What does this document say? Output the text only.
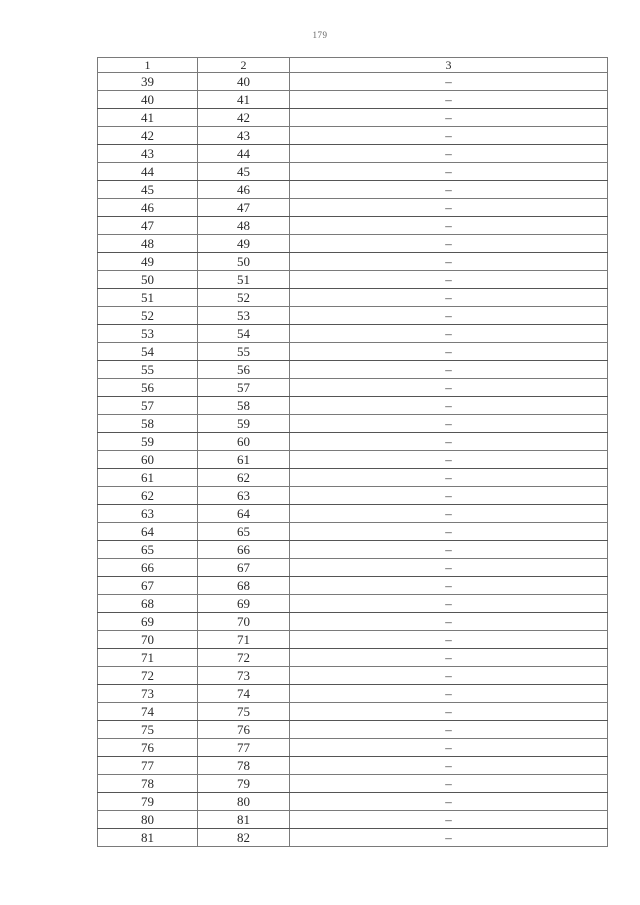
179
1	2	3
39	40	–
40	41	–
41	42	–
42	43	–
43	44	–
44	45	–
45	46	–
46	47	–
47	48	–
48	49	–
49	50	–
50	51	–
51	52	–
52	53	–
53	54	–
54	55	–
55	56	–
56	57	–
57	58	–
58	59	–
59	60	–
60	61	–
61	62	–
62	63	–
63	64	–
64	65	–
65	66	–
66	67	–
67	68	–
68	69	–
69	70	–
70	71	–
71	72	–
72	73	–
73	74	–
74	75	–
75	76	–
76	77	–
77	78	–
78	79	–
79	80	–
80	81	–
81	82	–
